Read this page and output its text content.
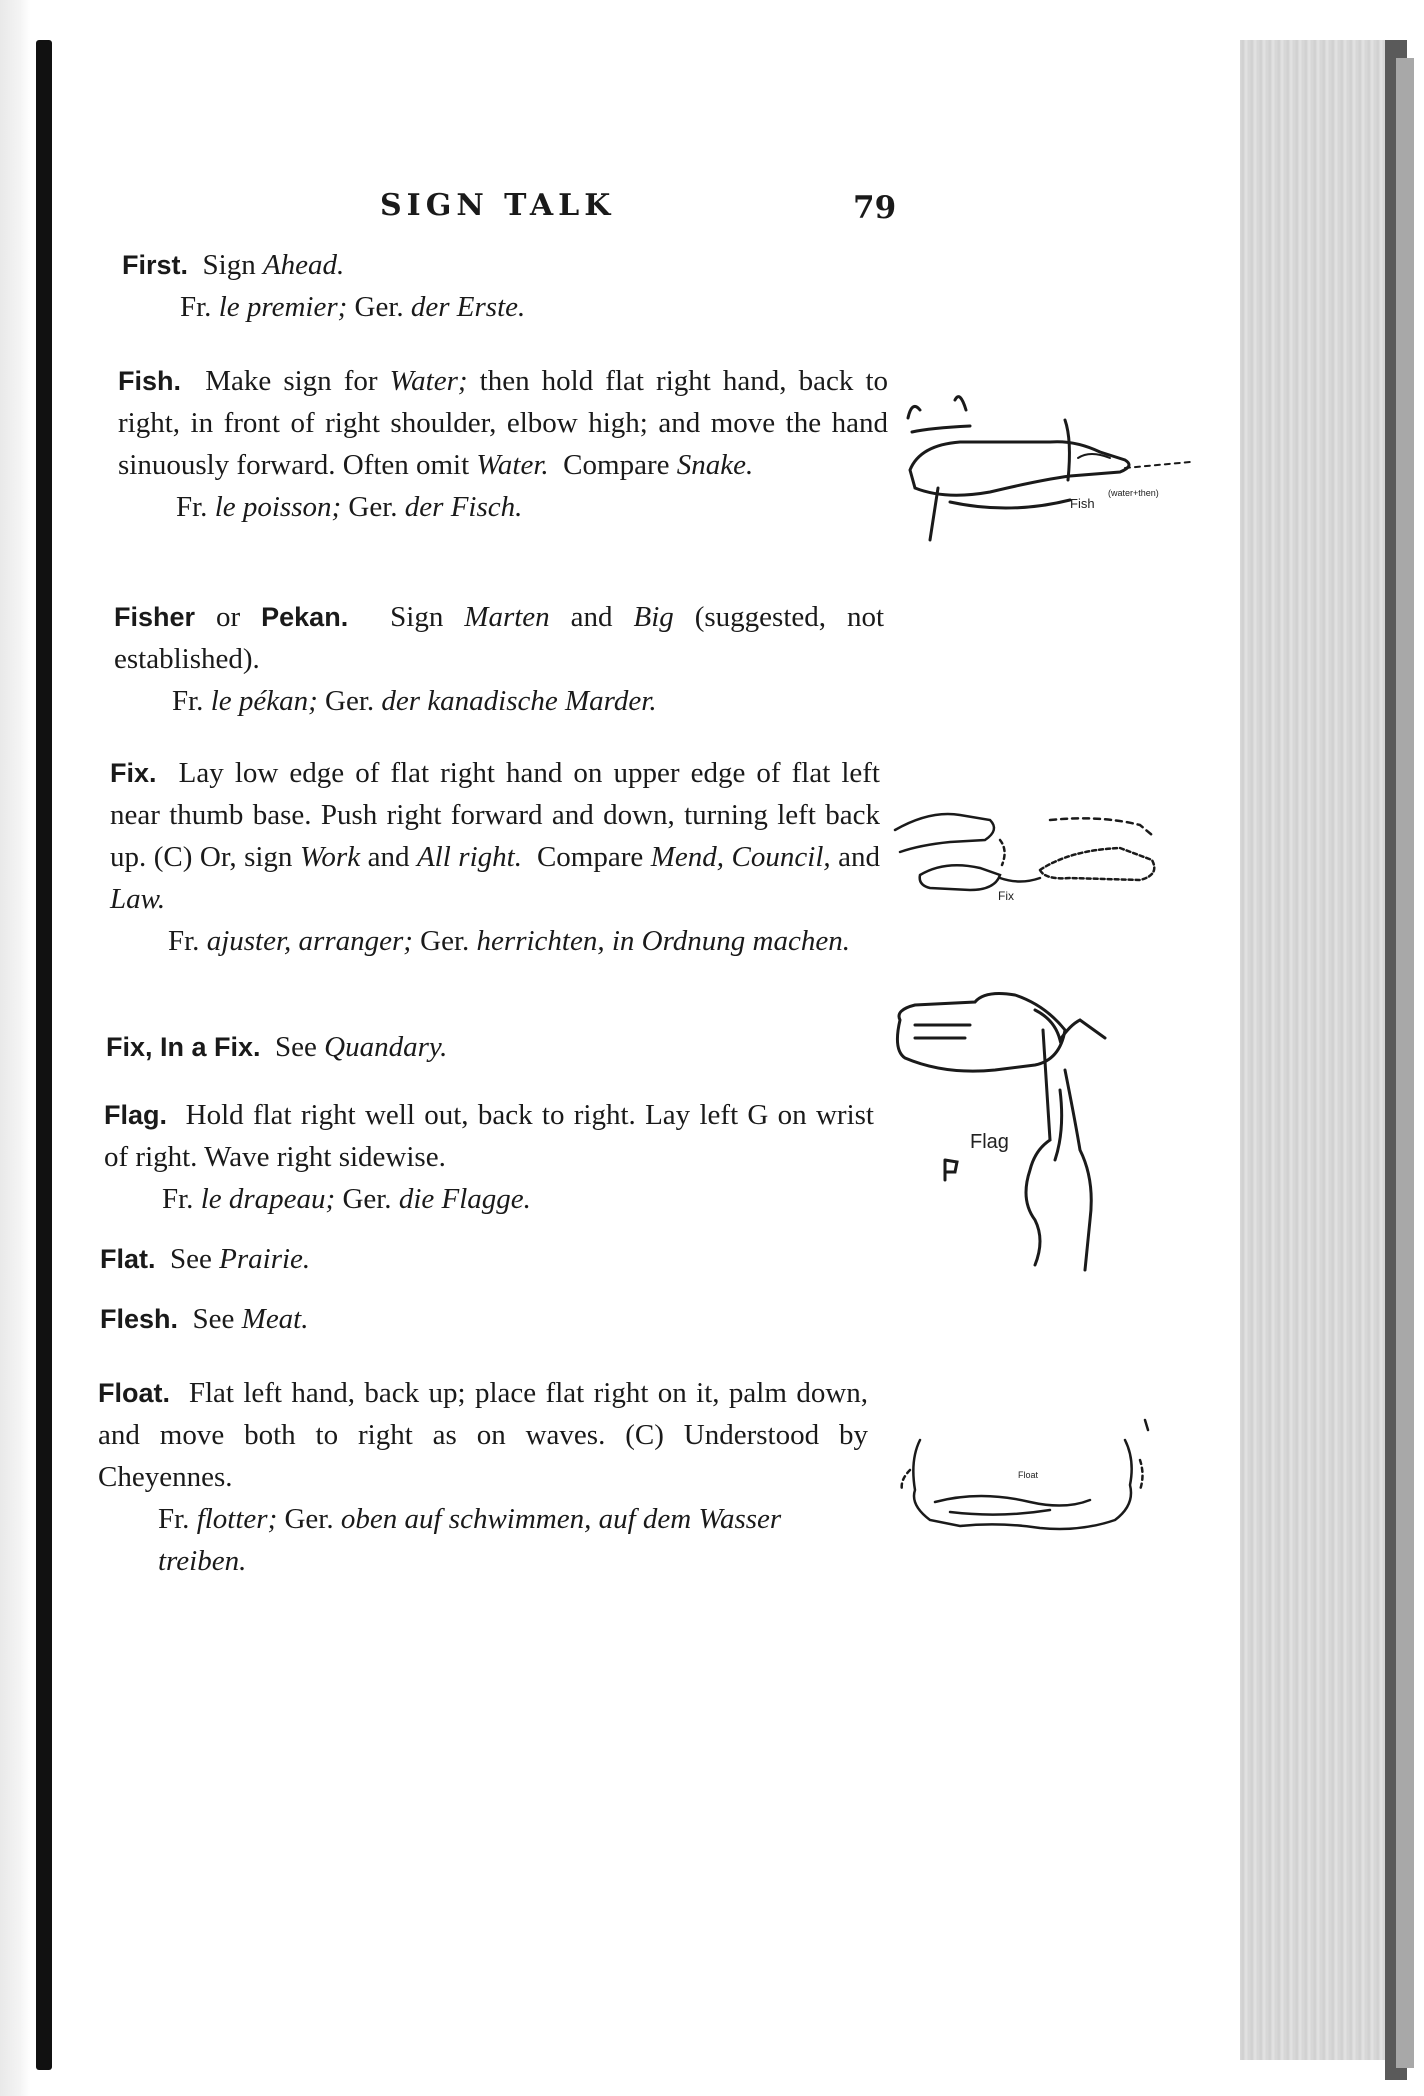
SIGN TALK	79

First. Sign Ahead.

Fr. le premier; Ger. der Erste.

Fish. Make sign for Water; then hold flat right hand, back to right, in front of right shoulder, elbow high; and move the hand sinuously forward. Often omit Water. Compare Snake.

Fr. le poisson; Ger. der Fisch.

Fisher or Pekan. Sign Marten and Big (suggested, not established).

Fr. le pékan; Ger. der kanadische Marder.

Fix. Lay low edge of flat right hand on upper edge of flat left near thumb base. Push right forward and down, turning left back up. (C) Or, sign Work and All right. Compare Mend, Council, and Law.

Fr. ajuster, arranger; Ger. herrichten, in Ordnung machen.

Fix, In a Fix. See Quandary.

Flag. Hold flat right well out, back to right. Lay left G on wrist of right. Wave right sidewise.

Fr. le drapeau; Ger. die Flagge.

Flat. See Prairie.

Flesh. See Meat.

Float. Flat left hand, back up; place flat right on it, palm down, and move both to right as on waves. (C) Understood by Cheyennes.

Fr. flotter; Ger. oben auf schwimmen, auf dem Wasser treiben.

Fish
(water+then)
Fix
Flag
Float
